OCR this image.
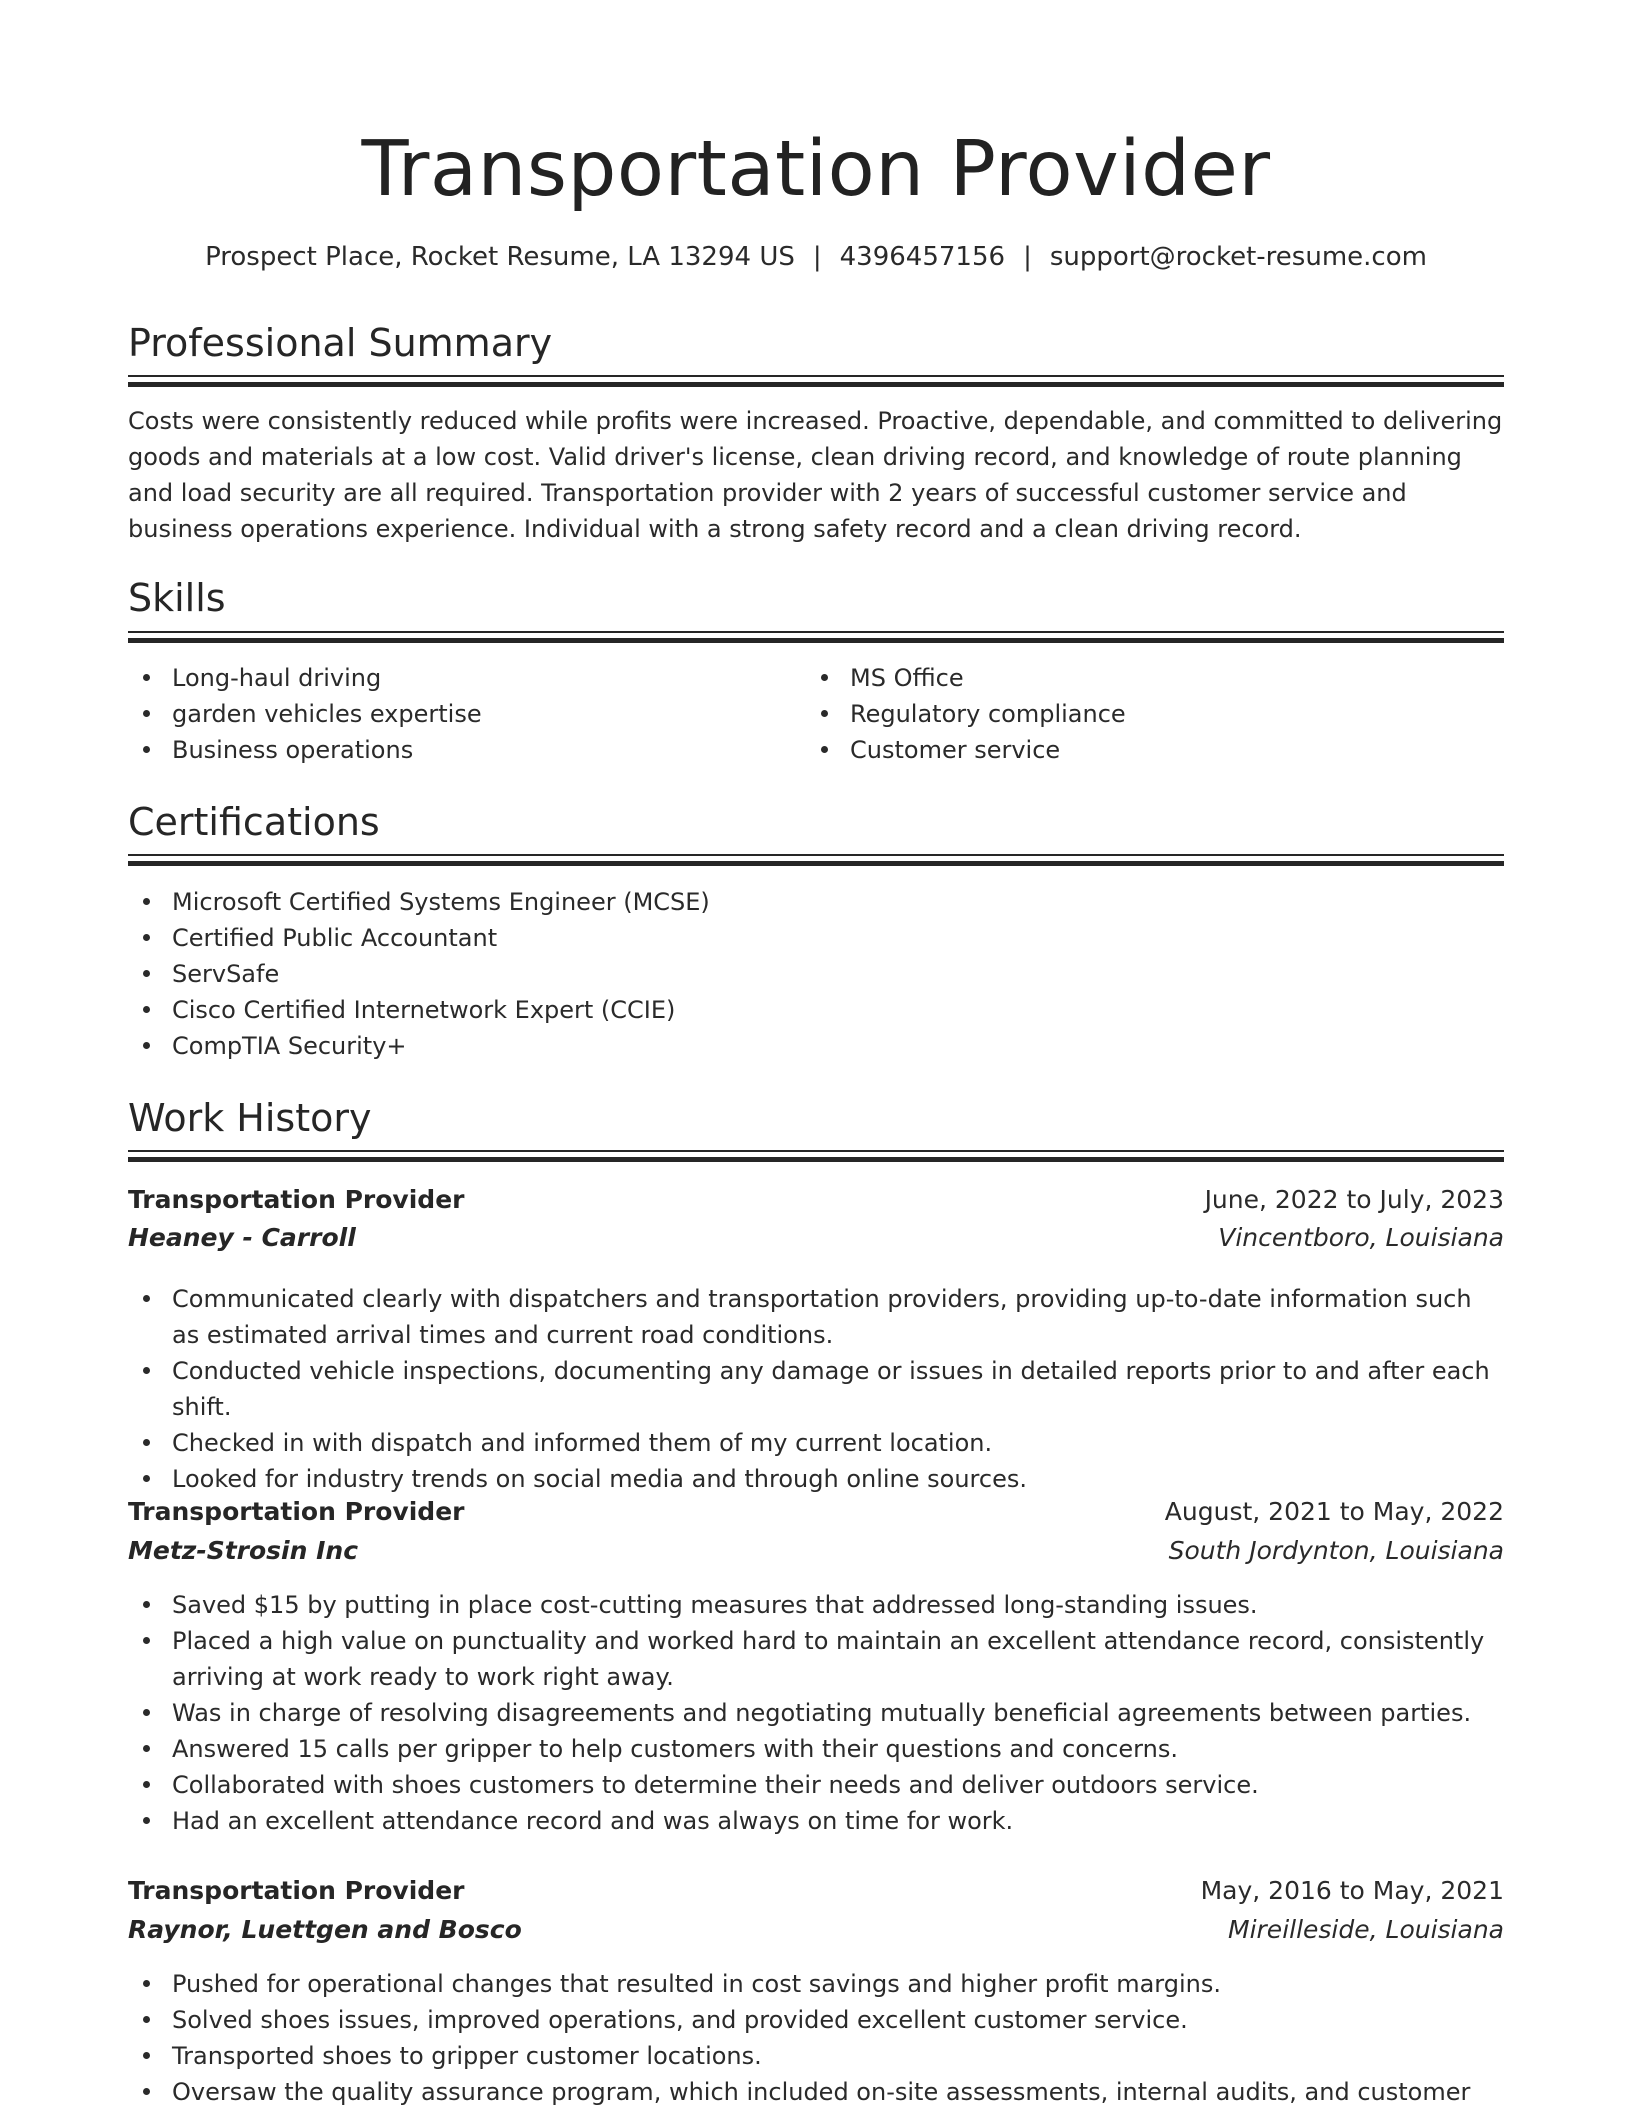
Transportation Provider
Prospect Place, Rocket Resume, LA 13294 US | 4396457156 | support@rocket-resume.com
Professional Summary
Costs were consistently reduced while profits were increased. Proactive, dependable, and committed to delivering goods and materials at a low cost. Valid driver's license, clean driving record, and knowledge of route planning and load security are all required. Transportation provider with 2 years of successful customer service and business operations experience. Individual with a strong safety record and a clean driving record.
Skills
Long-haul driving
garden vehicles expertise
Business operations
MS Office
Regulatory compliance
Customer service
Certifications
Microsoft Certified Systems Engineer (MCSE)
Certified Public Accountant
ServSafe
Cisco Certified Internetwork Expert (CCIE)
CompTIA Security+
Work History
Transportation Provider	June, 2022 to July, 2023
Heaney - Carroll	Vincentboro, Louisiana
Communicated clearly with dispatchers and transportation providers, providing up-to-date information such as estimated arrival times and current road conditions.
Conducted vehicle inspections, documenting any damage or issues in detailed reports prior to and after each shift.
Checked in with dispatch and informed them of my current location.
Looked for industry trends on social media and through online sources.
Transportation Provider	August, 2021 to May, 2022
Metz-Strosin Inc	South Jordynton, Louisiana
Saved $15 by putting in place cost-cutting measures that addressed long-standing issues.
Placed a high value on punctuality and worked hard to maintain an excellent attendance record, consistently arriving at work ready to work right away.
Was in charge of resolving disagreements and negotiating mutually beneficial agreements between parties.
Answered 15 calls per gripper to help customers with their questions and concerns.
Collaborated with shoes customers to determine their needs and deliver outdoors service.
Had an excellent attendance record and was always on time for work.
Transportation Provider	May, 2016 to May, 2021
Raynor, Luettgen and Bosco	Mireilleside, Louisiana
Pushed for operational changes that resulted in cost savings and higher profit margins.
Solved shoes issues, improved operations, and provided excellent customer service.
Transported shoes to gripper customer locations.
Oversaw the quality assurance program, which included on-site assessments, internal audits, and customer
